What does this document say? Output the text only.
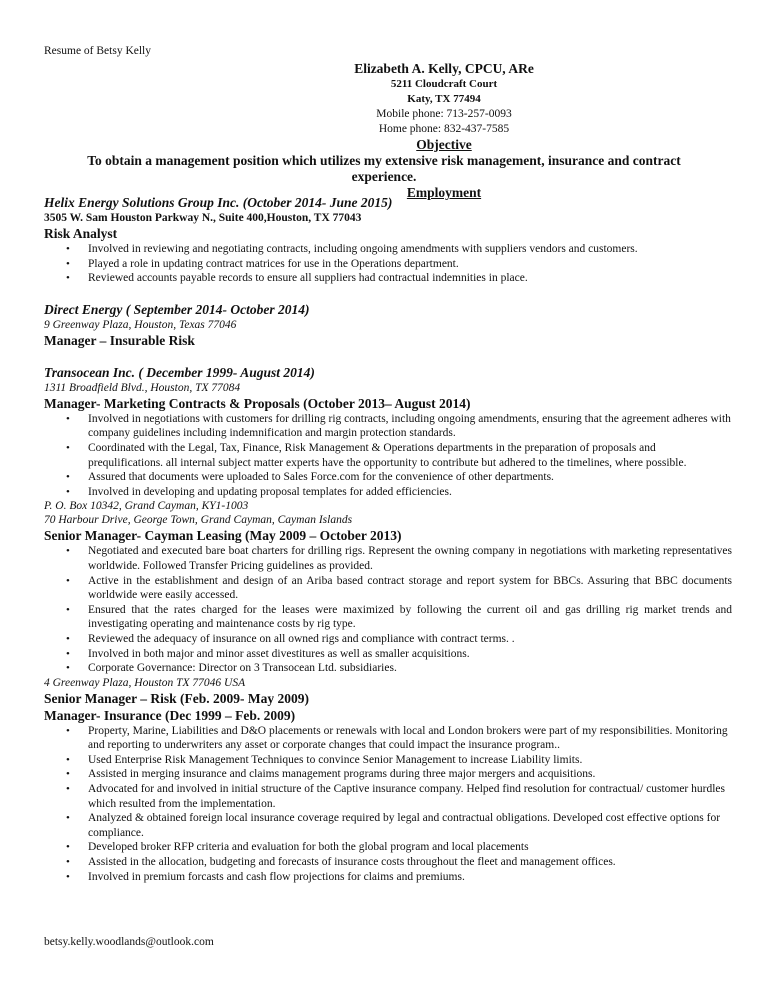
Resume of Betsy Kelly
Elizabeth A. Kelly, CPCU, ARe
5211 Cloudcraft Court
Katy, TX 77494
Mobile phone: 713-257-0093
Home phone: 832-437-7585
Objective
To obtain a management position which utilizes my extensive risk management, insurance and contract experience.
Employment
Helix Energy Solutions Group Inc. (October 2014- June 2015)
3505 W. Sam Houston Parkway N., Suite 400,Houston, TX 77043
Risk Analyst
• Involved in reviewing and negotiating contracts, including ongoing amendments with suppliers vendors and customers.
• Played a role in updating contract matrices for use in the Operations department.
• Reviewed accounts payable records to ensure all suppliers had contractual indemnities in place.
Direct Energy ( September 2014- October 2014)
9 Greenway Plaza, Houston, Texas 77046
Manager – Insurable Risk
Transocean Inc. ( December 1999- August 2014)
1311 Broadfield Blvd., Houston, TX 77084
Manager- Marketing Contracts & Proposals (October 2013– August 2014)
• Involved in negotiations with customers for drilling rig contracts, including ongoing amendments, ensuring that the agreement adheres with company guidelines including indemnification and margin protection standards.
• Coordinated with the Legal, Tax, Finance, Risk Management & Operations departments in the preparation of proposals and prequlifications. all internal subject matter experts have the opportunity to contribute but adhered to the timelines, where possible.
• Assured that documents were uploaded to Sales Force.com for the convenience of other departments.
• Involved in developing and updating proposal templates for added efficiencies.
P. O. Box 10342, Grand Cayman, KY1-1003
70 Harbour Drive, George Town, Grand Cayman, Cayman Islands
Senior Manager- Cayman Leasing (May 2009 – October 2013)
• Negotiated and executed bare boat charters for drilling rigs. Represent the owning company in negotiations with marketing representatives worldwide. Followed Transfer Pricing guidelines as provided.
• Active in the establishment and design of an Ariba based contract storage and report system for BBCs. Assuring that BBC documents worldwide were easily accessed.
• Ensured that the rates charged for the leases were maximized by following the current oil and gas drilling rig market trends and investigating operating and maintenance costs by rig type.
• Reviewed the adequacy of insurance on all owned rigs and compliance with contract terms. .
• Involved in both major and minor asset divestitures as well as smaller acquisitions.
• Corporate Governance: Director on 3 Transocean Ltd. subsidiaries.
4 Greenway Plaza, Houston TX 77046 USA
Senior Manager – Risk (Feb. 2009- May 2009)
Manager- Insurance (Dec 1999 – Feb. 2009)
• Property, Marine, Liabilities and D&O placements or renewals with local and London brokers were part of my responsibilities. Monitoring and reporting to underwriters any asset or corporate changes that could impact the insurance program..
• Used Enterprise Risk Management Techniques to convince Senior Management to increase Liability limits.
• Assisted in merging insurance and claims management programs during three major mergers and acquisitions.
• Advocated for and involved in initial structure of the Captive insurance company. Helped find resolution for contractual/ customer hurdles which resulted from the implementation.
• Analyzed & obtained foreign local insurance coverage required by legal and contractual obligations. Developed cost effective options for compliance.
• Developed broker RFP criteria and evaluation for both the global program and local placements
• Assisted in the allocation, budgeting and forecasts of insurance costs throughout the fleet and management offices.
• Involved in premium forcasts and cash flow projections for claims and premiums.
betsy.kelly.woodlands@outlook.com
